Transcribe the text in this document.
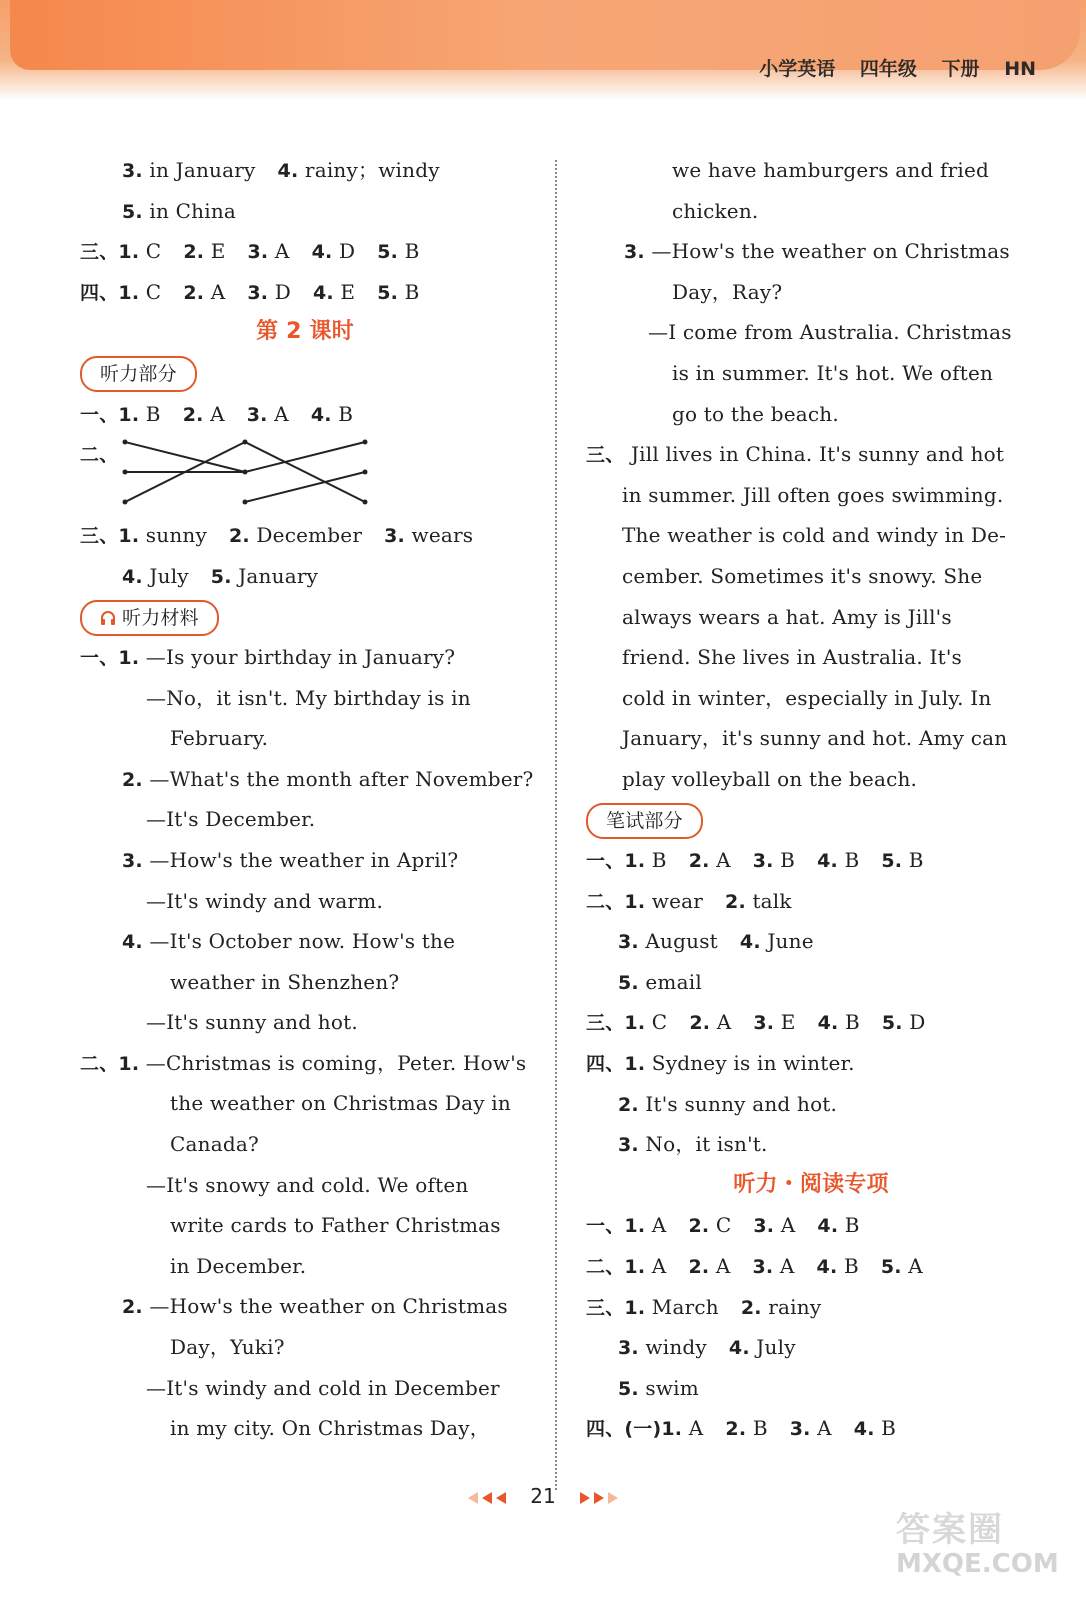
小学英语 四年级 下册 HN
3. in January 4. rainy；windy
5. in China
三、1. C 2. E 3. A 4. D 5. B
四、1. C 2. A 3. D 4. E 5. B
第 2 课时
听力部分
一、1. B 2. A 3. A 4. B
二、
三、1. sunny 2. December 3. wears
4. July 5. January
听力材料
一、1. —Is your birthday in January?
—No，it isn't. My birthday is in
February.
2. —What's the month after November?
—It's December.
3. —How's the weather in April?
—It's windy and warm.
4. —It's October now. How's the
weather in Shenzhen?
—It's sunny and hot.
二、1. —Christmas is coming，Peter. How's
the weather on Christmas Day in
Canada?
—It's snowy and cold. We often
write cards to Father Christmas
in December.
2. —How's the weather on Christmas
Day，Yuki?
—It's windy and cold in December
in my city. On Christmas Day，
we have hamburgers and fried
chicken.
3. —How's the weather on Christmas
Day，Ray?
—I come from Australia. Christmas
is in summer. It's hot. We often
go to the beach.
三、 Jill lives in China. It's sunny and hot
in summer. Jill often goes swimming.
The weather is cold and windy in De-
cember. Sometimes it's snowy. She
always wears a hat. Amy is Jill's
friend. She lives in Australia. It's
cold in winter，especially in July. In
January，it's sunny and hot. Amy can
play volleyball on the beach.
笔试部分
一、1. B 2. A 3. B 4. B 5. B
二、1. wear 2. talk
3. August 4. June
5. email
三、1. C 2. A 3. E 4. B 5. D
四、1. Sydney is in winter.
2. It's sunny and hot.
3. No，it isn't.
听力・阅读专项
一、1. A 2. C 3. A 4. B
二、1. A 2. A 3. A 4. B 5. A
三、1. March 2. rainy
3. windy 4. July
5. swim
四、(一)1. A 2. B 3. A 4. B
21
答案圈
MXQE.COM
